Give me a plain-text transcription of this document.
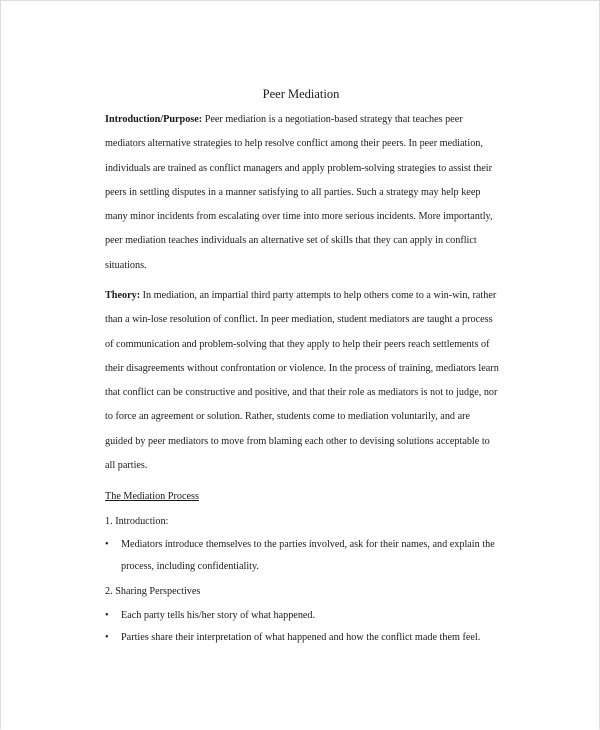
Peer Mediation

Introduction/Purpose: Peer mediation is a negotiation-based strategy that teaches peer

mediators alternative strategies to help resolve conflict among their peers. In peer mediation,

individuals are trained as conflict managers and apply problem-solving strategies to assist their

peers in settling disputes in a manner satisfying to all parties. Such a strategy may help keep

many minor incidents from escalating over time into more serious incidents. More importantly,

peer mediation teaches individuals an alternative set of skills that they can apply in conflict

situations.

Theory: In mediation, an impartial third party attempts to help others come to a win-win, rather

than a win-lose resolution of conflict. In peer mediation, student mediators are taught a process

of communication and problem-solving that they apply to help their peers reach settlements of

their disagreements without confrontation or violence. In the process of training, mediators learn

that conflict can be constructive and positive, and that their role as mediators is not to judge, nor

to force an agreement or solution. Rather, students come to mediation voluntarily, and are

guided by peer mediators to move from blaming each other to devising solutions acceptable to

all parties.

The Mediation Process
1. Introduction:
• Mediators introduce themselves to the parties involved, ask for their names, and explain the

process, including confidentiality.

2. Sharing Perspectives
• Each party tells his/her story of what happened.

• Parties share their interpretation of what happened and how the conflict made them feel.
